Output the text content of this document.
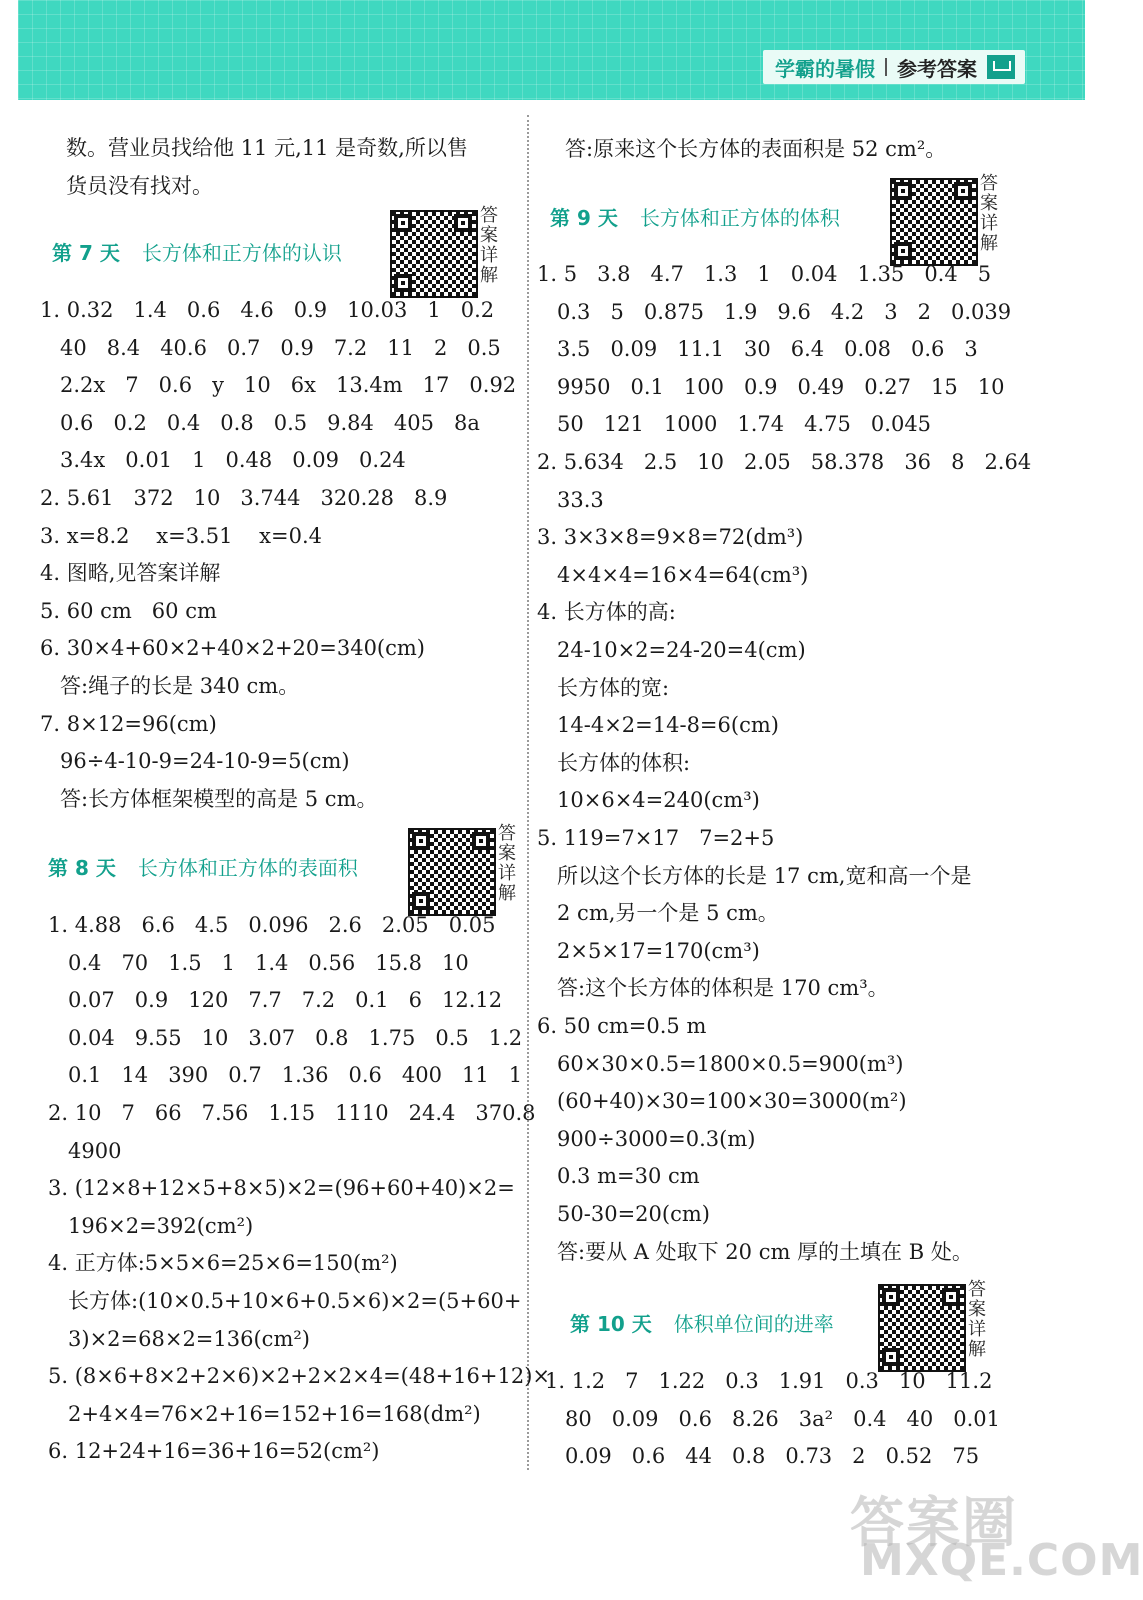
学霸的暑假 参考答案
数。营业员找给他 11 元,11 是奇数,所以售
货员没有找对。
第 7 天 长方体和正方体的认识
答案详解
1. 0.32   1.4   0.6   4.6   0.9   10.03   1   0.2
40   8.4   40.6   0.7   0.9   7.2   11   2   0.5
2.2x   7   0.6   y   10   6x   13.4m   17   0.92
0.6   0.2   0.4   0.8   0.5   9.84   405   8a
3.4x   0.01   1   0.48   0.09   0.24
2. 5.61   372   10   3.744   320.28   8.9
3. x=8.2    x=3.51    x=0.4
4. 图略,见答案详解
5. 60 cm   60 cm
6. 30×4+60×2+40×2+20=340(cm)
答:绳子的长是 340 cm。
7. 8×12=96(cm)
96÷4-10-9=24-10-9=5(cm)
答:长方体框架模型的高是 5 cm。
第 8 天 长方体和正方体的表面积
答案详解
1. 4.88   6.6   4.5   0.096   2.6   2.05   0.05
0.4   70   1.5   1   1.4   0.56   15.8   10
0.07   0.9   120   7.7   7.2   0.1   6   12.12
0.04   9.55   10   3.07   0.8   1.75   0.5   1.2
0.1   14   390   0.7   1.36   0.6   400   11   1
2. 10   7   66   7.56   1.15   1110   24.4   370.8
4900
3. (12×8+12×5+8×5)×2=(96+60+40)×2=
196×2=392(cm²)
4. 正方体:5×5×6=25×6=150(m²)
长方体:(10×0.5+10×6+0.5×6)×2=(5+60+
3)×2=68×2=136(cm²)
5. (8×6+8×2+2×6)×2+2×2×4=(48+16+12)×
2+4×4=76×2+16=152+16=168(dm²)
6. 12+24+16=36+16=52(cm²)
答:原来这个长方体的表面积是 52 cm²。
第 9 天 长方体和正方体的体积
答案详解
1. 5   3.8   4.7   1.3   1   0.04   1.35   0.4   5
0.3   5   0.875   1.9   9.6   4.2   3   2   0.039
3.5   0.09   11.1   30   6.4   0.08   0.6   3
9950   0.1   100   0.9   0.49   0.27   15   10
50   121   1000   1.74   4.75   0.045
2. 5.634   2.5   10   2.05   58.378   36   8   2.64
33.3
3. 3×3×8=9×8=72(dm³)
4×4×4=16×4=64(cm³)
4. 长方体的高:
24-10×2=24-20=4(cm)
长方体的宽:
14-4×2=14-8=6(cm)
长方体的体积:
10×6×4=240(cm³)
5. 119=7×17   7=2+5
所以这个长方体的长是 17 cm,宽和高一个是
2 cm,另一个是 5 cm。
2×5×17=170(cm³)
答:这个长方体的体积是 170 cm³。
6. 50 cm=0.5 m
60×30×0.5=1800×0.5=900(m³)
(60+40)×30=100×30=3000(m²)
900÷3000=0.3(m)
0.3 m=30 cm
50-30=20(cm)
答:要从 A 处取下 20 cm 厚的土填在 B 处。
第 10 天 体积单位间的进率
答案详解
1. 1.2   7   1.22   0.3   1.91   0.3   10   11.2
80   0.09   0.6   8.26   3a²   0.4   40   0.01
0.09   0.6   44   0.8   0.73   2   0.52   75
答案圈
MXQE.COM
